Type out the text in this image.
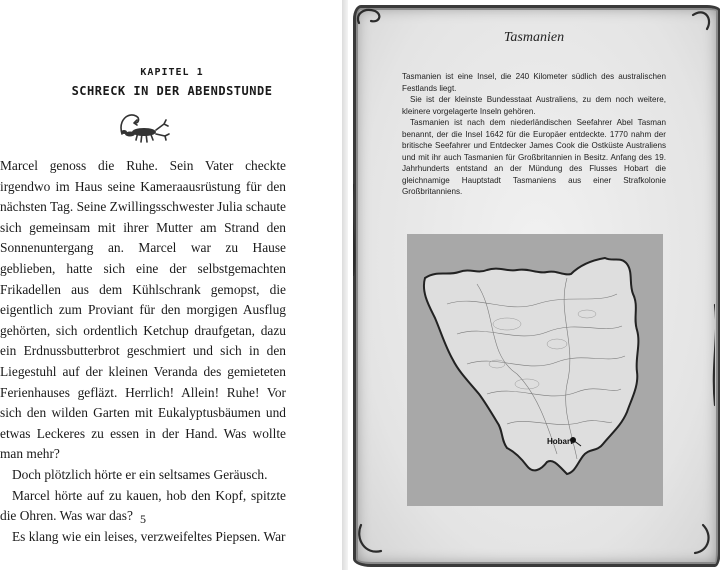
KAPITEL 1
SCHRECK IN DER ABENDSTUNDE

Marcel genoss die Ruhe. Sein Vater checkte irgendwo im Haus seine Kameraausrüstung für den nächsten Tag. Seine Zwillingsschwester Julia schaute sich gemeinsam mit ihrer Mutter am Strand den Sonnenuntergang an. Marcel war zu Hause geblieben, hatte sich eine der selbstgemachten Frikadellen aus dem Kühlschrank gemopst, die eigentlich zum Proviant für den morgigen Ausflug gehörten, sich ordentlich Ketchup draufgetan, dazu ein Erdnussbutterbrot geschmiert und sich in den Liegestuhl auf der kleinen Veranda des gemieteten Ferienhauses gefläzt. Herrlich! Allein! Ruhe! Vor sich den wilden Garten mit Eukalyptusbäumen und etwas Leckeres zu essen in der Hand. Was wollte man mehr?

Doch plötzlich hörte er ein seltsames Geräusch.

Marcel hörte auf zu kauen, hob den Kopf, spitzte die Ohren. Was war das?

Es klang wie ein leises, verzweifeltes Piepsen. War

5
Tasmanien

Tasmanien ist eine Insel, die 240 Kilometer südlich des australischen Festlands liegt.

Sie ist der kleinste Bundesstaat Australiens, zu dem noch weitere, kleinere vorgelagerte Inseln gehören.

Tasmanien ist nach dem niederländischen Seefahrer Abel Tasman benannt, der die Insel 1642 für die Europäer entdeckte. 1770 nahm der britische Seefahrer und Entdecker James Cook die Ostküste Australiens und mit ihr auch Tasmanien für Großbritannien in Besitz. Anfang des 19. Jahrhunderts entstand an der Mündung des Flusses Hobart die gleichnamige Hauptstadt Tasmaniens aus einer Strafkolonie Großbritanniens.

Hobart
